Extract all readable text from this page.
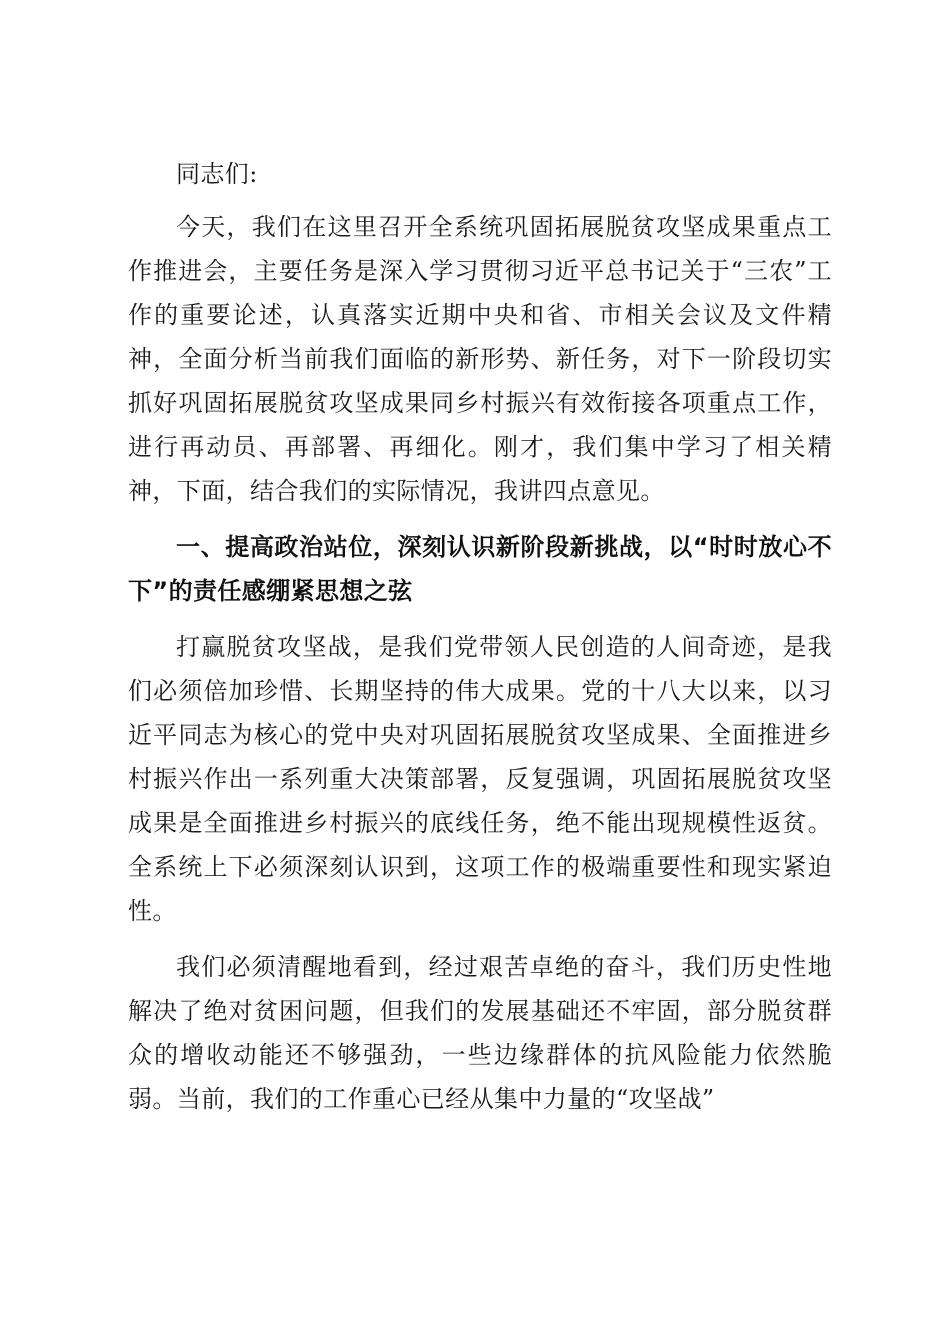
同志们:

今天，我们在这里召开全系统巩固拓展脱贫攻坚成果重点工作推进会，主要任务是深入学习贯彻习近平总书记关于“三农”工作的重要论述，认真落实近期中央和省、市相关会议及文件精神，全面分析当前我们面临的新形势、新任务，对下一阶段切实抓好巩固拓展脱贫攻坚成果同乡村振兴有效衔接各项重点工作，进行再动员、再部署、再细化。刚才，我们集中学习了相关精神，下面，结合我们的实际情况，我讲四点意见。

一、提高政治站位，深刻认识新阶段新挑战，以“时时放心不下”的责任感绷紧思想之弦

打赢脱贫攻坚战，是我们党带领人民创造的人间奇迹，是我们必须倍加珍惜、长期坚持的伟大成果。党的十八大以来，以习近平同志为核心的党中央对巩固拓展脱贫攻坚成果、全面推进乡村振兴作出一系列重大决策部署，反复强调，巩固拓展脱贫攻坚成果是全面推进乡村振兴的底线任务，绝不能出现规模性返贫。全系统上下必须深刻认识到，这项工作的极端重要性和现实紧迫性。

我们必须清醒地看到，经过艰苦卓绝的奋斗，我们历史性地解决了绝对贫困问题，但我们的发展基础还不牢固，部分脱贫群众的增收动能还不够强劲，一些边缘群体的抗风险能力依然脆弱。当前，我们的工作重心已经从集中力量的“攻坚战”
